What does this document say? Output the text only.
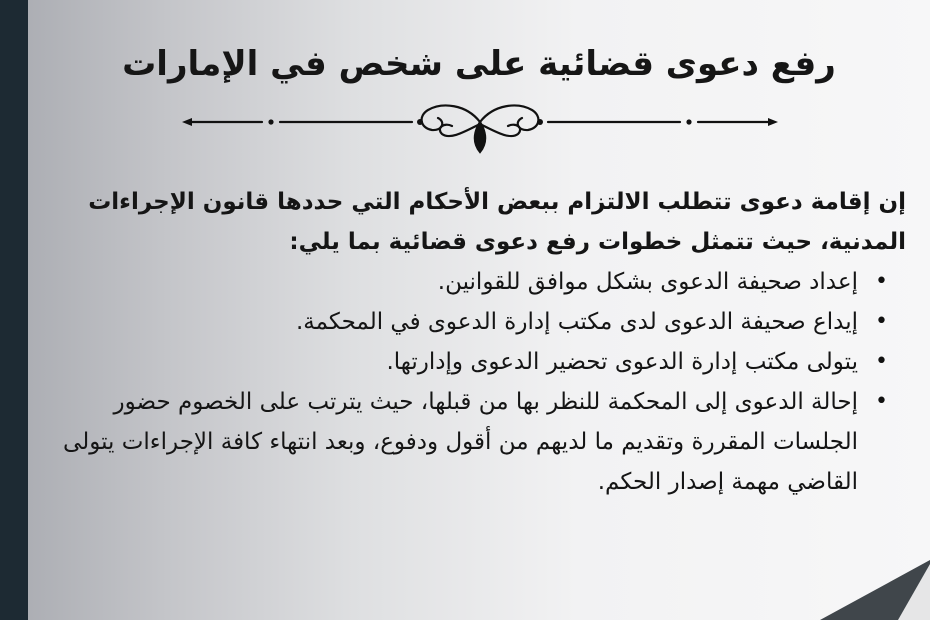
رفع دعوى قضائية على شخص في الإمارات

إن إقامة دعوى تتطلب الالتزام ببعض الأحكام التي حددها قانون الإجراءات المدنية، حيث تتمثل خطوات رفع دعوى قضائية بما يلي:

•
إعداد صحيفة الدعوى بشكل موافق للقوانين.
•
إيداع صحيفة الدعوى لدى مكتب إدارة الدعوى في المحكمة.
•
يتولى مكتب إدارة الدعوى تحضير الدعوى وإدارتها.
•
إحالة الدعوى إلى المحكمة للنظر بها من قبلها، حيث يترتب على الخصوم حضور الجلسات المقررة وتقديم ما لديهم من أقول ودفوع، وبعد انتهاء كافة الإجراءات يتولى القاضي مهمة إصدار الحكم.
